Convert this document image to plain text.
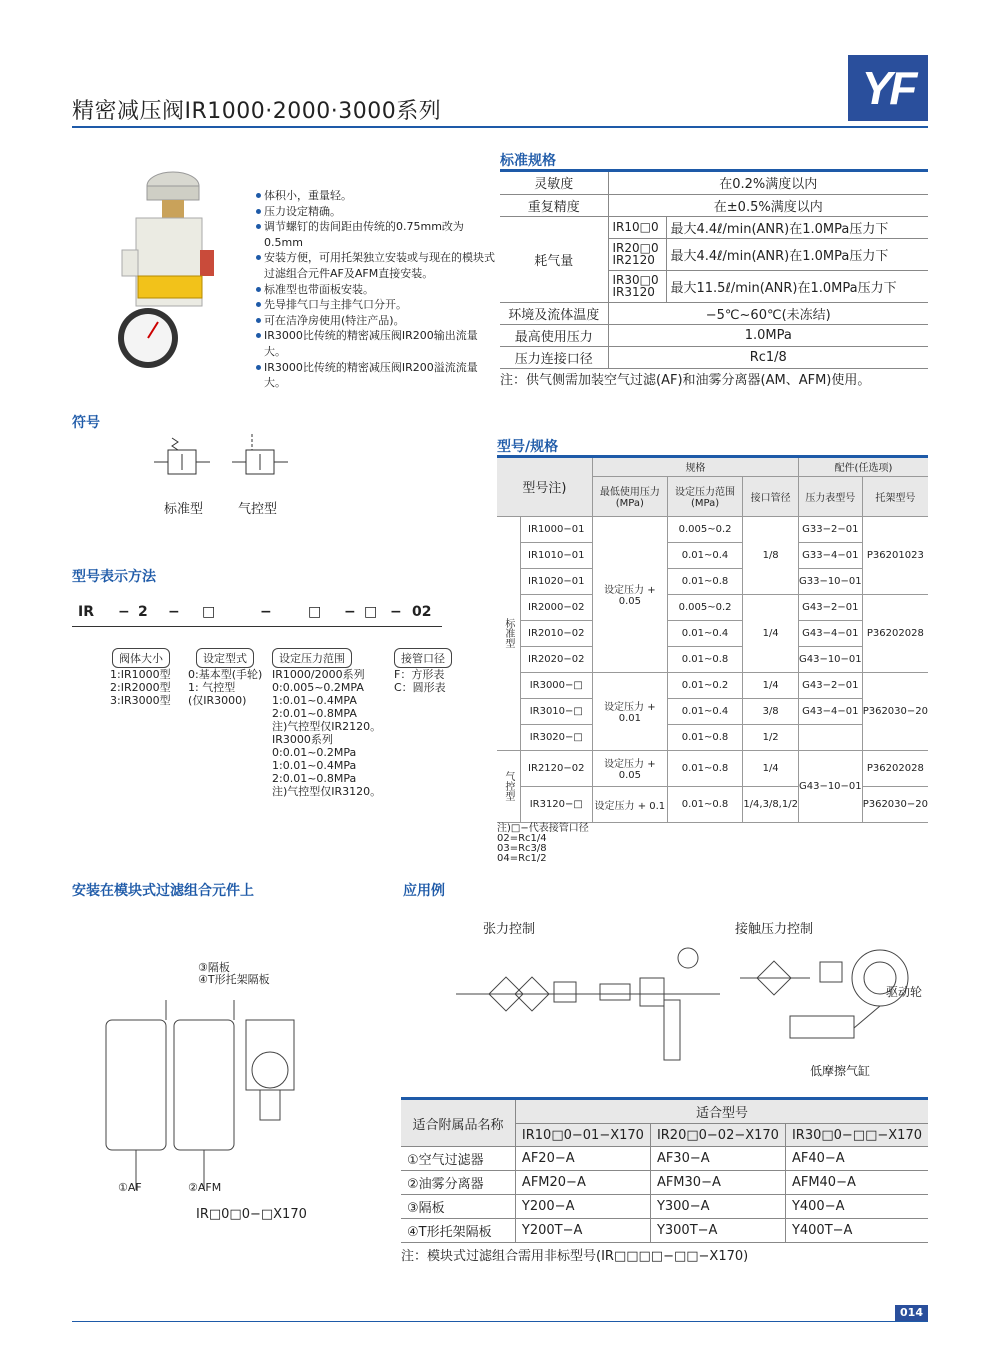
精密减压阀IR1000·2000·3000系列	YF
体积小，重量轻。
压力设定精确。
调节螺钉的齿间距由传统的0.75mm改为0.5mm
安装方便，可用托架独立安装或与现在的模块式过滤组合元件AF及AFM直接安装。
标准型也带面板安装。
先导排气口与主排气口分开。
可在洁净房使用(特注产品)。
IR3000比传统的精密减压阀IR200输出流量大。
IR3000比传统的精密减压阀IR200溢流流量大。
标准规格
灵敏度	在0.2%满度以内	
重复精度	在±0.5%满度以内	
耗气量	IR10□0	最大4.4ℓ/min(ANR)在1.0MPa压力下
	IR20□0 IR2120	最大4.4ℓ/min(ANR)在1.0MPa压力下
	IR30□0 IR3120	最大11.5ℓ/min(ANR)在1.0MPa压力下
环境及流体温度	−5℃~60℃(未冻结)	
最高使用压力	1.0MPa	
压力连接口径	Rc1/8	
注：供气侧需加装空气过滤(AF)和油雾分离器(AM、AFM)使用。
符号
标准型	气控型
型号表示方法
IR − 2 − □	−	□ − □ − 02
阀体大小	设定型式	设定压力范围	接管口径
1:IR1000型
2:IR2000型
3:IR3000型
0:基本型(手轮)
1: 气控型
(仅IR3000)
IR1000/2000系列
0:0.005~0.2MPA
1:0.01~0.4MPA
2:0.01~0.8MPA
注)气控型仅IR2120。
IR3000系列
0:0.01~0.2MPa
1:0.01~0.4MPa
2:0.01~0.8MPa
注)气控型仅IR3120。
F：方形表
C：圆形表
型号/规格
型号注)		规格			配件(任选项)	
		最低使用压力(MPa)	设定压力范围(MPa)	接口管径	压力表型号	托架型号
标准型	IR1000−01	设定压力 + 0.05	0.005~0.2	1/8	G33−2−01	P36201023
	IR1010−01		0.01~0.4		G33−4−01	
	IR1020−01		0.01~0.8		G33−10−01	
	IR2000−02		0.005~0.2	1/4	G43−2−01	P36202028
	IR2010−02		0.01~0.4		G43−4−01	
	IR2020−02		0.01~0.8		G43−10−01	
	IR3000−□	设定压力 + 0.01	0.01~0.2	1/4	G43−2−01	P362030−20
	IR3010−□		0.01~0.4	3/8	G43−4−01	
	IR3020−□		0.01~0.8	1/2		
气控型	IR2120−02	设定压力 + 0.05	0.01~0.8	1/4	G43−10−01	P36202028
	IR3120−□	设定压力 + 0.1	0.01~0.8	1/4,3/8,1/2		P362030−20
注)□−代表接管口径
02=Rc1/4
03=Rc3/8
04=Rc1/2
安装在模块式过滤组合元件上
③隔板
④T形托架隔板
①AF	②AFM
IR□0□0−□X170
应用例
张力控制	接触压力控制
驱动轮
低摩擦气缸
适合附属品名称	适合型号		
	IR10□0−01−X170	IR20□0−02−X170	IR30□0−□□−X170
①空气过滤器	AF20−A	AF30−A	AF40−A
②油雾分离器	AFM20−A	AFM30−A	AFM40−A
③隔板	Y200−A	Y300−A	Y400−A
④T形托架隔板	Y200T−A	Y300T−A	Y400T−A
注：模块式过滤组合需用非标型号(IR□□□□−□□−X170)
014
